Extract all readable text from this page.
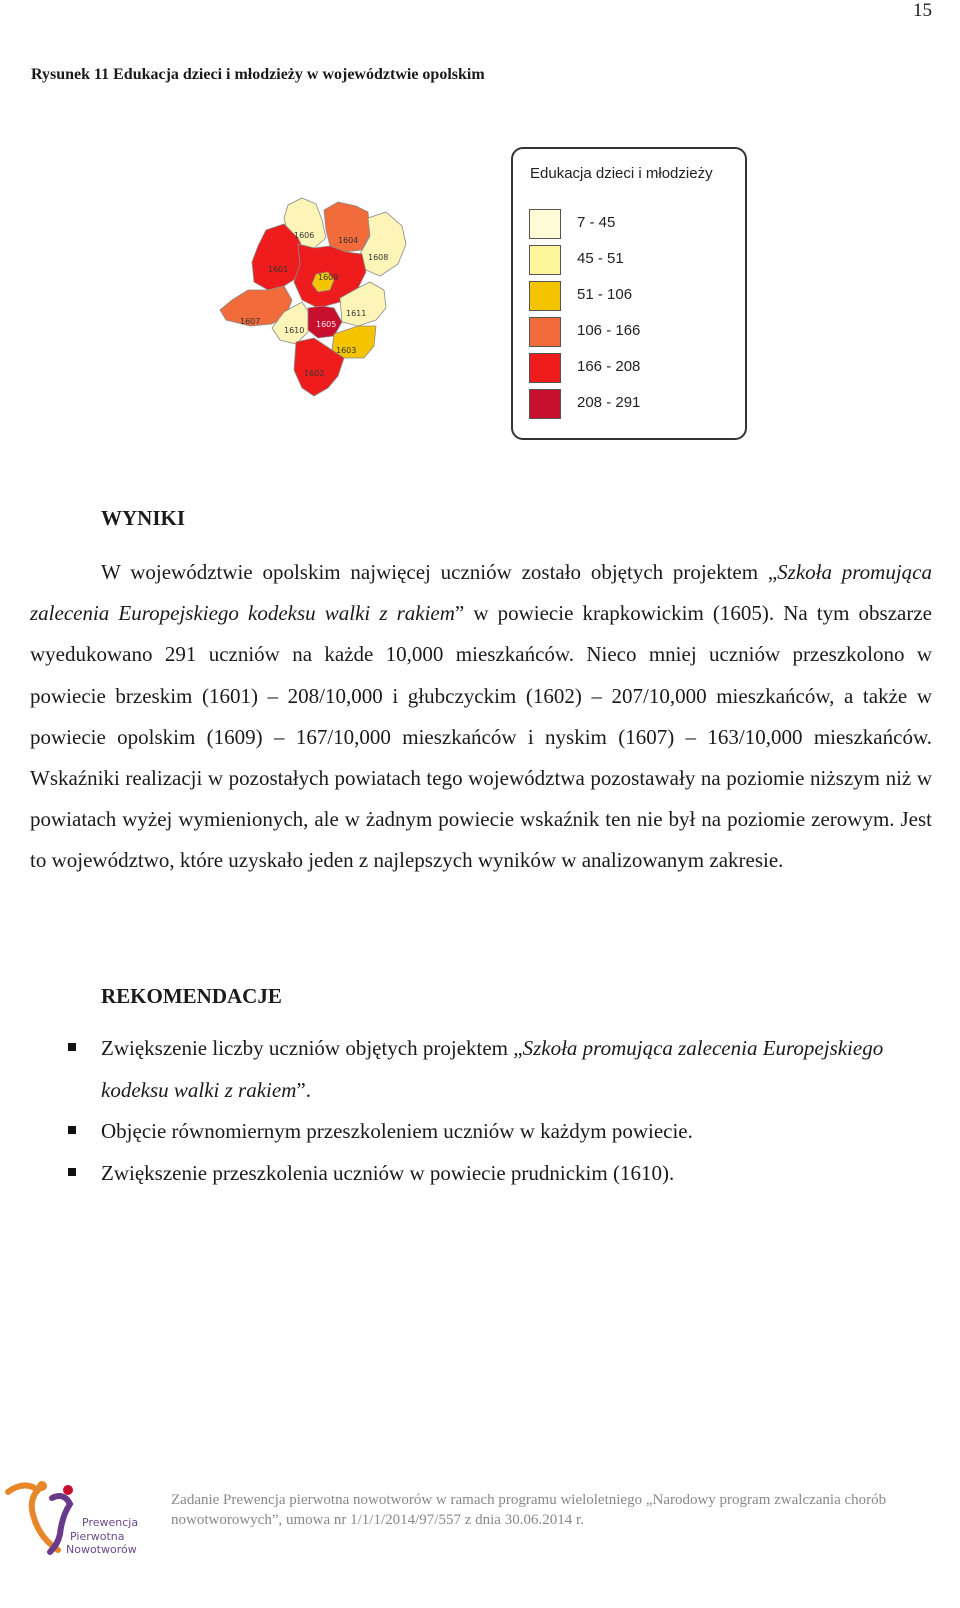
15
Rysunek 11 Edukacja dzieci i młodzieży w województwie opolskim
1606
1604
1608
1601
1609
1607
1610
1605
1611
1603
1602
Edukacja dzieci i młodzieży
7 - 45
45 - 51
51 - 106
106 - 166
166 - 208
208 - 291
WYNIKI
W województwie opolskim najwięcej uczniów zostało objętych projektem „Szkoła promująca zalecenia Europejskiego kodeksu walki z rakiem” w powiecie krapkowickim (1605). Na tym obszarze wyedukowano 291 uczniów na każde 10,000 mieszkańców. Nieco mniej uczniów przeszkolono w powiecie brzeskim (1601) – 208/10,000 i głubczyckim (1602) – 207/10,000 mieszkańców, a także w powiecie opolskim (1609) – 167/10,000 mieszkańców i nyskim (1607) – 163/10,000 mieszkańców. Wskaźniki realizacji w pozostałych powiatach tego województwa pozostawały na poziomie niższym niż w powiatach wyżej wymienionych, ale w żadnym powiecie wskaźnik ten nie był na poziomie zerowym. Jest to województwo, które uzyskało jeden z najlepszych wyników w analizowanym zakresie.
REKOMENDACJE
Zwiększenie liczby uczniów objętych projektem „Szkoła promująca zalecenia Europejskiego kodeksu walki z rakiem”.
Objęcie równomiernym przeszkoleniem uczniów w każdym powiecie.
Zwiększenie przeszkolenia uczniów w powiecie prudnickim (1610).
Prewencja
Pierwotna
Nowotworów
Zadanie Prewencja pierwotna nowotworów w ramach programu wieloletniego „Narodowy program zwalczania chorób nowotworowych”, umowa nr 1/1/1/2014/97/557 z dnia 30.06.2014 r.
